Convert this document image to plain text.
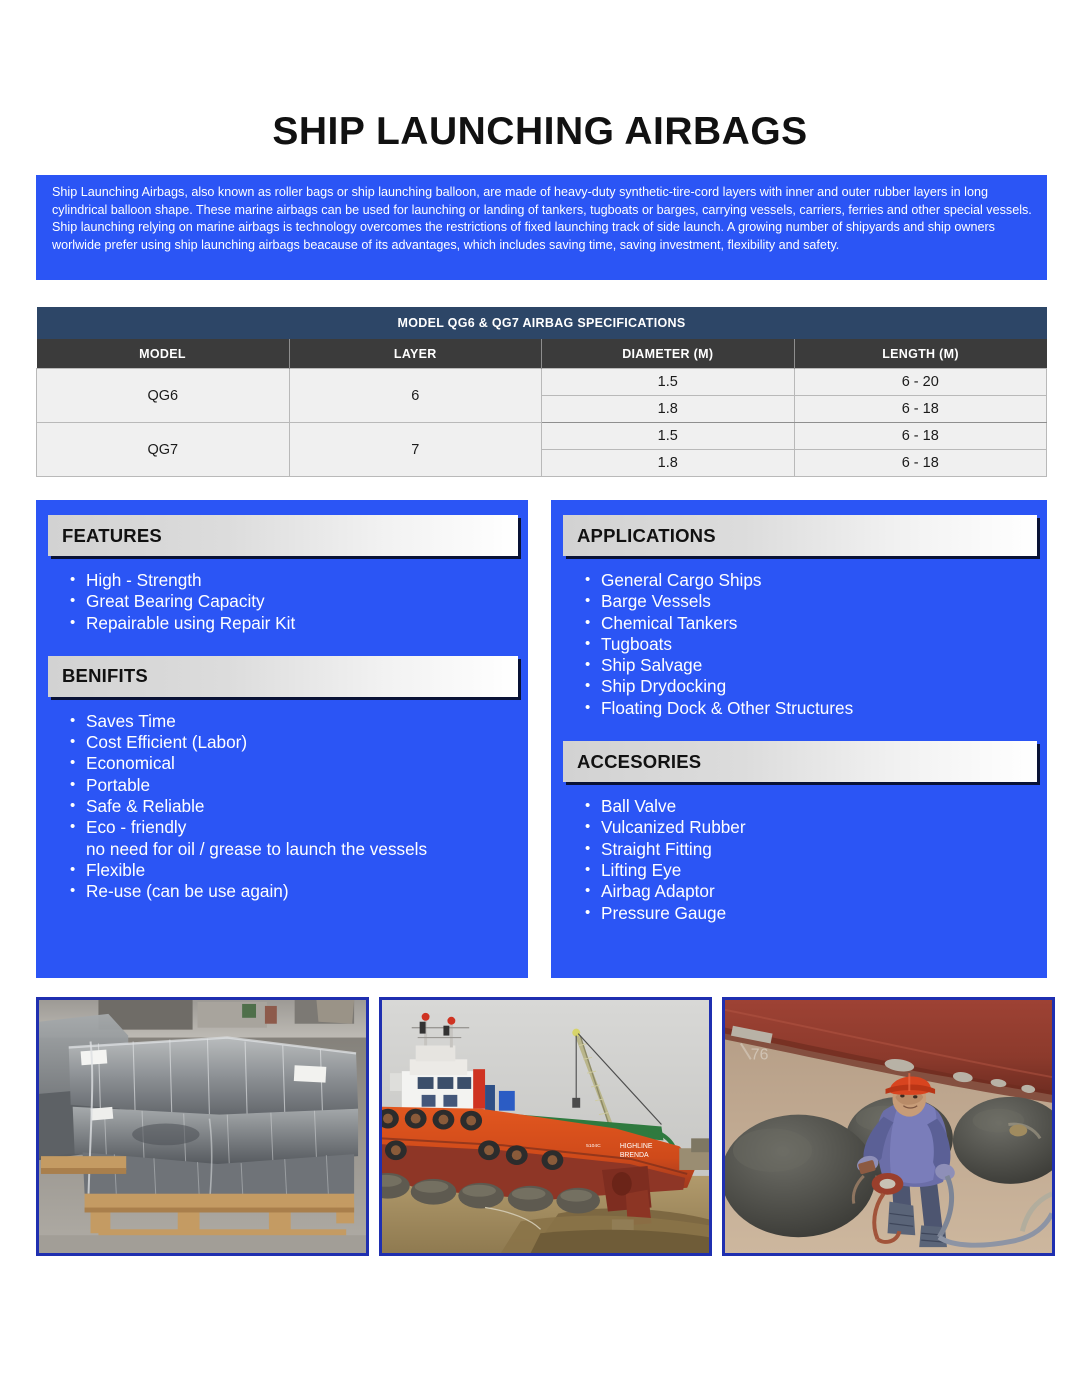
SHIP LAUNCHING AIRBAGS
Ship Launching Airbags, also known as roller bags or ship launching balloon, are made of heavy-duty synthetic-tire-cord layers with inner and outer rubber layers in long cylindrical balloon shape. These marine airbags can be used for launching or landing of tankers, tugboats or barges, carrying vessels, carriers, ferries and other special vessels. Ship launching relying on marine airbags is technology overcomes the restrictions of fixed launching track of side launch. A growing number of shipyards and ship owners worlwide prefer using ship launching airbags beacause of its advantages, which includes saving time, saving investment, flexibility and safety.
MODEL QG6 & QG7 AIRBAG SPECIFICATIONS			
MODEL	LAYER	DIAMETER (M)	LENGTH (M)
QG6	6	1.5	6 - 20
		1.8	6 - 18
QG7	7	1.5	6 - 18
		1.8	6 - 18
FEATURES
• High - Strength
• Great Bearing Capacity
• Repairable using Repair Kit
BENIFITS
• Saves Time
• Cost Efficient (Labor)
• Economical
• Portable
• Safe & Reliable
• Eco - friendly
no need for oil / grease to launch the vessels
• Flexible
• Re-use (can be use again)
APPLICATIONS
• General Cargo Ships
• Barge Vessels
• Chemical Tankers
• Tugboats
• Ship Salvage
• Ship Drydocking
• Floating Dock & Other Structures
ACCESORIES
• Ball Valve
• Vulcanized Rubber
• Straight Fitting
• Lifting Eye
• Airbag Adaptor
• Pressure Gauge
HIGHLINE
BRENDA
5104C
76
